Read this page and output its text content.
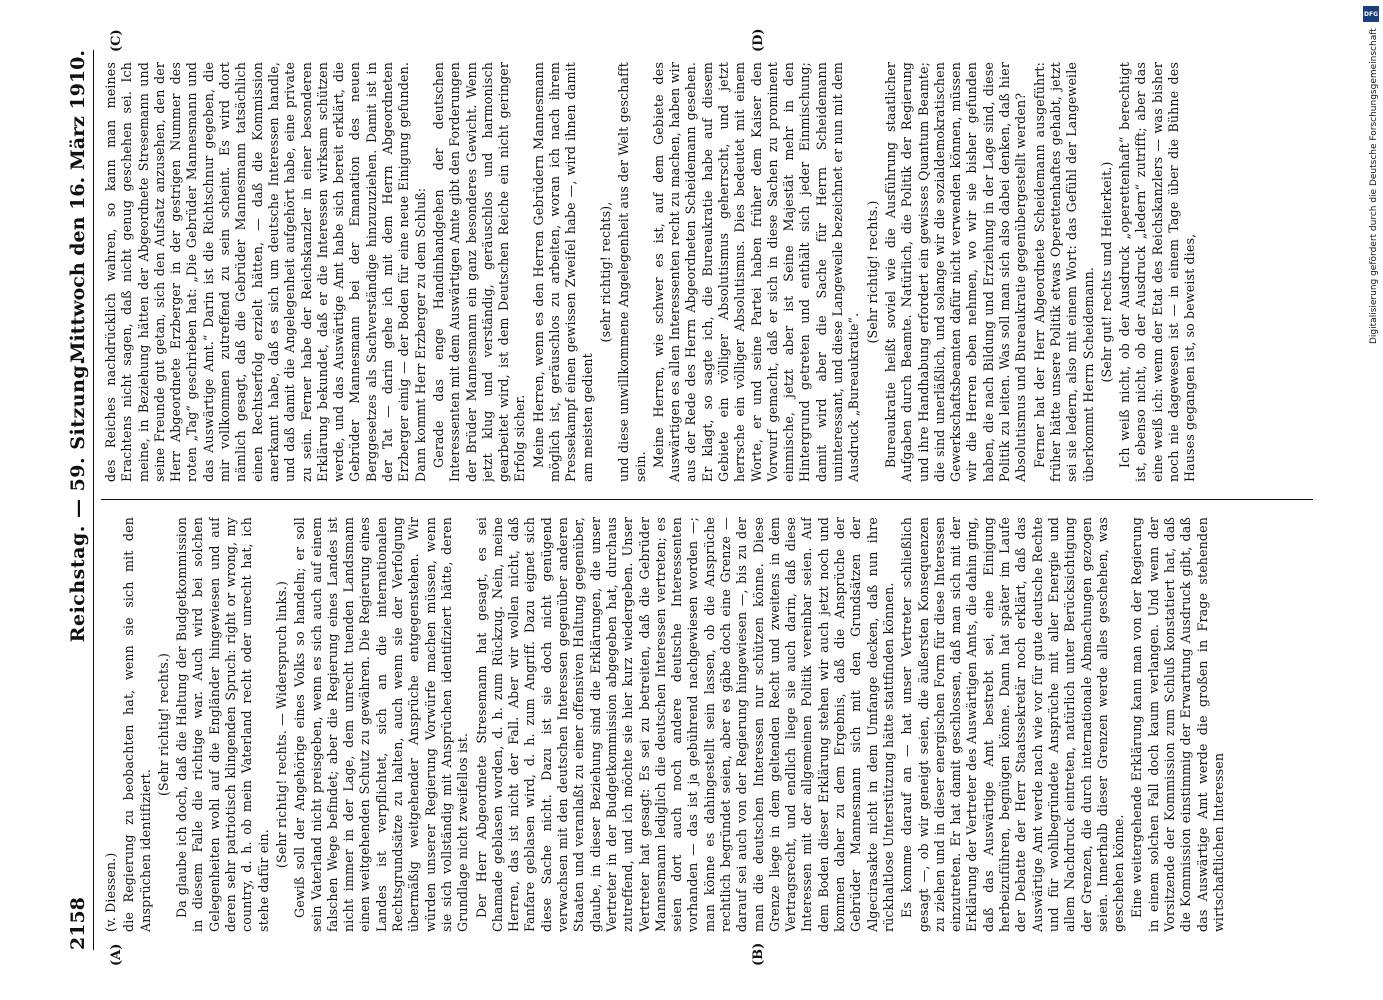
2158
Reichstag. — 59. Sitzung.
Mittwoch den 16. März 1910.
(A)	(B)
(C)	(D)

(v. Diessen.) die Regierung zu beobachten hat, wenn sie sich mit den Ansprüchen identifiziert.

(Sehr richtig! rechts.) Da glaube ich doch, daß die Haltung der Budgetkommission in diesem Falle die richtige war. Auch wird bei solchen Gelegenheiten wohl auf die Engländer hingewiesen und auf deren sehr patriotisch klingenden Spruch: right or wrong, my country, d. h. ob mein Vaterland recht oder unrecht hat, ich stehe dafür ein.

(Sehr richtig! rechts. — Widerspruch links.) Gewiß soll der Angehörige eines Volks so handeln; er soll sein Vaterland nicht preisgeben, wenn es sich auch auf einem falschen Wege befindet; aber die Regierung eines Landes ist nicht immer in der Lage, dem unrecht tuenden Landsmann einen weitgehenden Schutz zu gewähren. Die Regierung eines Landes ist verpflichtet, sich an die internationalen Rechtsgrundsätze zu halten, auch wenn sie der Verfolgung übermäßig weitgehender Ansprüche entgegenstehen. Wir würden unserer Regierung Vorwürfe machen müssen, wenn sie sich vollständig mit Ansprüchen identifiziert hätte, deren Grundlage nicht zweifellos ist. Der Herr Abgeordnete Stresemann hat gesagt, es sei Chamade geblasen worden, d. h. zum Rückzug. Nein, meine Herren, das ist nicht der Fall. Aber wir wollen nicht, daß Fanfare geblasen wird, d. h. zum Angriff. Dazu eignet sich diese Sache nicht. Dazu ist sie doch nicht genügend verwachsen mit den deutschen Interessen gegenüber anderen Staaten und veranlaßt zu einer offensiven Haltung gegenüber, glaube, in dieser Beziehung sind die Erklärungen, die unser Vertreter in der Budgetkommission abgegeben hat, durchaus zutreffend, und ich möchte sie hier kurz wiedergeben. Unser Vertreter hat gesagt: Es sei zu betreiten, daß die Gebrüder Mannesmann lediglich die deutschen Interessen vertreten; es seien dort auch noch andere deutsche Interessenten vorhanden — das ist ja gebührend nachgewiesen worden —; man könne es dahingestellt sein lassen, ob die Ansprüche rechtlich begründet seien, aber es gäbe doch eine Grenze — darauf sei auch von der Regierung hingewiesen —, bis zu der man die deutschen Interessen nur schützen könne. Diese Grenze liege in dem geltenden Recht und zweitens in dem Vertragsrecht, und endlich liege sie auch darin, daß diese Interessen mit der allgemeinen Politik vereinbar seien. Auf dem Boden dieser Erklärung stehen wir auch jetzt noch und kommen daher zu dem Ergebnis, daß die Ansprüche der Gebrüder Mannesmann sich mit den Grundsätzen der Algecirasakte nicht in dem Umfange decken, daß nun ihre rückhaltlose Unterstützung hätte stattfinden können. Es komme darauf an — hat unser Vertreter schließlich gesagt —, ob wir geneigt seien, die äußersten Konsequenzen zu ziehen und in dieser energischen Form für diese Interessen einzutreten. Er hat damit geschlossen, daß man sich mit der Erklärung der Vertreter des Auswärtigen Amts, die dahin ging, daß das Auswärtige Amt bestrebt sei, eine Einigung herbeizuführen, begnügen könne. Dann hat später im Laufe der Debatte der Herr Staatssekretär noch erklärt, daß das Auswärtige Amt werde nach wie vor für gute deutsche Rechte und für wohlbegründete Ansprüche mit aller Energie und allem Nachdruck eintreten, natürlich unter Berücksichtigung der Grenzen, die durch internationale Abmachungen gezogen seien. Innerhalb dieser Grenzen werde alles geschehen, was geschehen könne. Eine weitergehende Erklärung kann man von der Regierung in einem solchen Fall doch kaum verlangen. Und wenn der Vorsitzende der Kommission zum Schluß konstatiert hat, daß die Kommission einstimmig der Erwartung Ausdruck gibt, daß das Auswärtige Amt werde die großen in Frage stehenden wirtschaftlichen Interessen

des Reiches nachdrücklich wahren, so kann man meines Erachtens nicht sagen, daß nicht genug geschehen sei. Ich meine, in Beziehung hätten der Abgeordnete Stresemann und seine Freunde gut getan, sich den Aufsatz anzusehen, den der Herr Abgeordnete Erzberger in der gestrigen Nummer des roten „Tag“ geschrieben hat: „Die Gebrüder Mannesmann und das Auswärtige Amt.“ Darin ist die Richtschnur gegeben, die mir vollkommen zutreffend zu sein scheint. Es wird dort nämlich gesagt, daß die Gebrüder Mannesmann tatsächlich einen Rechtserfolg erzielt hätten, — daß die Kommission anerkannt habe, daß es sich um deutsche Interessen handle, und daß damit die Angelegenheit aufgehört habe, eine private zu sein. Ferner habe der Reichskanzler in einer besonderen Erklärung bekundet, daß er die Interessen wirksam schützen werde, und das Auswärtige Amt habe sich bereit erklärt, die Gebrüder Mannesmann bei der Emanation des neuen Berggesetzes als Sachverständige hinzuzuziehen. Damit ist in der Tat — darin gehe ich mit dem Herrn Abgeordneten Erzberger einig — der Boden für eine neue Einigung gefunden. Dann kommt Herr Erzberger zu dem Schluß: Gerade das enge Handinhandgehen der deutschen Interessenten mit dem Auswärtigen Amte gibt den Forderungen der Brüder Mannesmann ein ganz besonderes Gewicht. Wenn jetzt klug und verständig, geräuschlos und harmonisch gearbeitet wird, ist dem Deutschen Reiche ein nicht geringer Erfolg sicher. Meine Herren, wenn es den Herren Gebrüdern Mannesmann möglich ist, geräuschlos zu arbeiten, woran ich nach ihrem Pressekampf einen gewissen Zweifel habe —, wird ihnen damit am meisten gedient

(sehr richtig! rechts), und diese unwillkommene Angelegenheit aus der Welt geschafft sein. Meine Herren, wie schwer es ist, auf dem Gebiete des Auswärtigen es allen Interessenten recht zu machen, haben wir aus der Rede des Herrn Abgeordneten Scheidemann gesehen. Er klagt, so sagte ich, die Bureaukratie habe auf diesem Gebiete ein völliger Absolutismus geherrscht, und jetzt herrsche ein völliger Absolutismus. Dies bedeutet mit einem Worte, er und seine Partei haben früher dem Kaiser den Vorwurf gemacht, daß er sich in diese Sachen zu prominent einmische, jetzt aber ist Seine Majestät mehr in den Hintergrund getreten und enthält sich jeder Einmischung; damit wird aber die Sache für Herrn Scheidemann uninteressant, und diese Langeweile bezeichnet er nun mit dem Ausdruck „Bureaukratie“.

(Sehr richtig! rechts.) Bureaukratie heißt soviel wie die Ausführung staatlicher Aufgaben durch Beamte. Natürlich, die Politik der Regierung und ihre Handhabung erfordert ein gewisses Quantum Beamte; die sind unerläßlich, und solange wir die sozialdemokratischen Gewerkschaftsbeamten dafür nicht verwenden können, müssen wir die Herren eben nehmen, wo wir sie bisher gefunden haben, die nach Bildung und Erziehung in der Lage sind, diese Politik zu leiten. Was soll man sich also dabei denken, daß hier Absolutismus und Bureaukratie gegenübergestellt werden? Ferner hat der Herr Abgeordnete Scheidemann ausgeführt: früher hätte unsere Politik etwas Operettenhaftes gehabt, jetzt sei sie ledern, also mit einem Wort: das Gefühl der Langeweile überkommt Herrn Scheidemann. (Sehr gut! rechts und Heiterkeit.) Ich weiß nicht, ob der Ausdruck „operettenhaft“ berechtigt ist, ebenso nicht, ob der Ausdruck „ledern“ zutrifft; aber das eine weiß ich: wenn der Etat des Reichskanzlers — was bisher noch nie dagewesen ist — in einem Tage über die Bühne des Hauses gegangen ist, so beweist dies,

DFG
Digitalisierung gefördert durch die Deutsche Forschungsgemeinschaft
